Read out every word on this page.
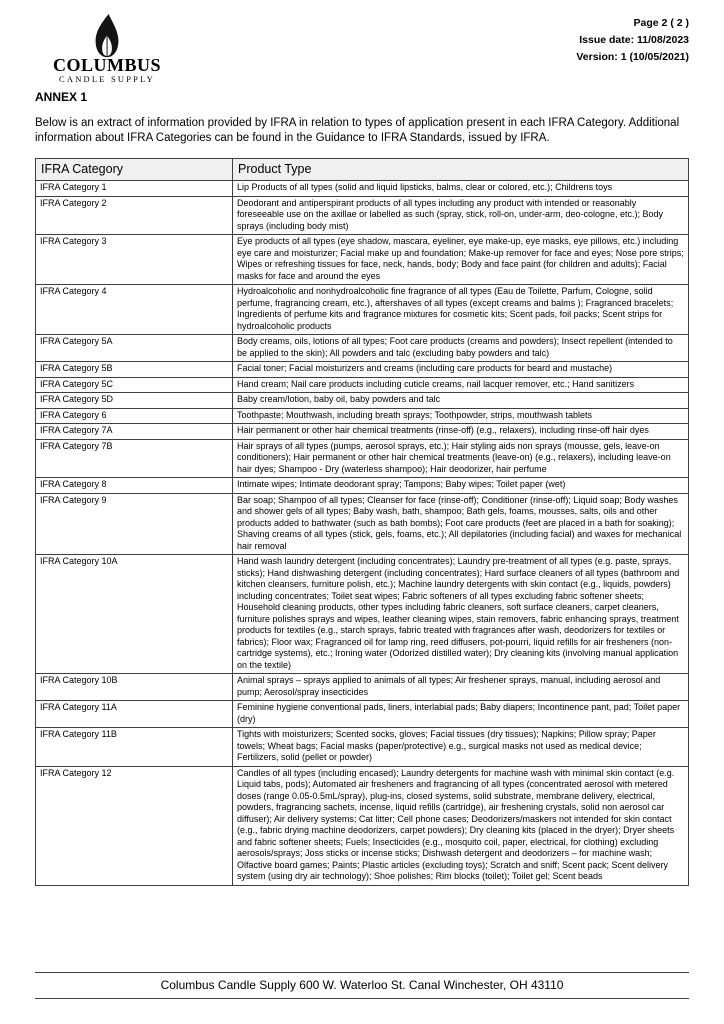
COLUMBUS
CANDLE SUPPLY
Page 2 ( 2 )
Issue date: 11/08/2023
Version: 1 (10/05/2021)
ANNEX 1
Below is an extract of information provided by IFRA in relation to types of application present in each IFRA Category. Additional information about IFRA Categories can be found in the Guidance to IFRA Standards, issued by IFRA.
IFRA Category	Product Type
IFRA Category 1	Lip Products of all types (solid and liquid lipsticks, balms, clear or colored, etc.); Childrens toys
IFRA Category 2	Deodorant and antiperspirant products of all types including any product with intended or reasonably foreseeable use on the axillae or labelled as such (spray, stick, roll-on, under-arm, deo-cologne, etc.); Body sprays (including body mist)
IFRA Category 3	Eye products of all types (eye shadow, mascara, eyeliner, eye make-up, eye masks, eye pillows, etc.) including eye care and moisturizer; Facial make up and foundation; Make-up remover for face and eyes; Nose pore strips; Wipes or refreshing tissues for face, neck, hands, body; Body and face paint (for children and adults); Facial masks for face and around the eyes
IFRA Category 4	Hydroalcoholic and nonhydroalcoholic fine fragrance of all types (Eau de Toilette, Parfum, Cologne, solid perfume, fragrancing cream, etc.), aftershaves of all types (except creams and balms ); Fragranced bracelets; Ingredients of perfume kits and fragrance mixtures for cosmetic kits; Scent pads, foil packs; Scent strips for hydroalcoholic products
IFRA Category 5A	Body creams, oils, lotions of all types; Foot care products (creams and powders); Insect repellent (intended to be applied to the skin); All powders and talc (excluding baby powders and talc)
IFRA Category 5B	Facial toner; Facial moisturizers and creams (including care products for beard and mustache)
IFRA Category 5C	Hand cream; Nail care products including cuticle creams, nail lacquer remover, etc.; Hand sanitizers
IFRA Category 5D	Baby cream/lotion, baby oil, baby powders and talc
IFRA Category 6	Toothpaste; Mouthwash, including breath sprays; Toothpowder, strips, mouthwash tablets
IFRA Category 7A	Hair permanent or other hair chemical treatments (rinse-off) (e.g., relaxers), including rinse-off hair dyes
IFRA Category 7B	Hair sprays of all types (pumps, aerosol sprays, etc.); Hair styling aids non sprays (mousse, gels, leave-on conditioners); Hair permanent or other hair chemical treatments (leave-on) (e.g., relaxers), including leave-on hair dyes; Shampoo - Dry (waterless shampoo); Hair deodorizer, hair perfume
IFRA Category 8	Intimate wipes; Intimate deodorant spray; Tampons; Baby wipes; Toilet paper (wet)
IFRA Category 9	Bar soap; Shampoo of all types; Cleanser for face (rinse-off); Conditioner (rinse-off); Liquid soap; Body washes and shower gels of all types; Baby wash, bath, shampoo; Bath gels, foams, mousses, salts, oils and other products added to bathwater (such as bath bombs); Foot care products (feet are placed in a bath for soaking); Shaving creams of all types (stick, gels, foams, etc.); All depilatories (including facial) and waxes for mechanical hair removal
IFRA Category 10A	Hand wash laundry detergent (including concentrates); Laundry pre-treatment of all types (e.g. paste, sprays, sticks); Hand dishwashing detergent (including concentrates); Hard surface cleaners of all types (bathroom and kitchen cleansers, furniture polish, etc.); Machine laundry detergents with skin contact (e.g., liquids, powders) including concentrates; Toilet seat wipes; Fabric softeners of all types excluding fabric softener sheets; Household cleaning products, other types including fabric cleaners, soft surface cleaners, carpet cleaners, furniture polishes sprays and wipes, leather cleaning wipes, stain removers, fabric enhancing sprays, treatment products for textiles (e.g., starch sprays, fabric treated with fragrances after wash, deodorizers for textiles or fabrics); Floor wax; Fragranced oil for lamp ring, reed diffusers, pot-pourri, liquid refills for air fresheners (non-cartridge systems), etc.; Ironing water (Odorized distilled water); Dry cleaning kits (involving manual application on the textile)
IFRA Category 10B	Animal sprays – sprays applied to animals of all types; Air freshener sprays, manual, including aerosol and pump; Aerosol/spray insecticides
IFRA Category 11A	Feminine hygiene conventional pads, liners, interlabial pads; Baby diapers; Incontinence pant, pad; Toilet paper (dry)
IFRA Category 11B	Tights with moisturizers; Scented socks, gloves; Facial tissues (dry tissues); Napkins; Pillow spray; Paper towels; Wheat bags; Facial masks (paper/protective) e.g., surgical masks not used as medical device; Fertilizers, solid (pellet or powder)
IFRA Category 12	Candles of all types (including encased); Laundry detergents for machine wash with minimal skin contact (e.g. Liquid tabs, pods); Automated air fresheners and fragrancing of all types (concentrated aerosol with metered doses (range 0.05-0.5mL/spray), plug-ins, closed systems, solid substrate, membrane delivery, electrical, powders, fragrancing sachets, incense, liquid refills (cartridge), air freshening crystals, solid non aerosol car diffuser); Air delivery systems; Cat litter; Cell phone cases; Deodorizers/maskers not intended for skin contact (e.g., fabric drying machine deodorizers, carpet powders); Dry cleaning kits (placed in the dryer); Dryer sheets and fabric softener sheets; Fuels; Insecticides (e.g., mosquito coil, paper, electrical, for clothing) excluding aerosols/sprays; Joss sticks or incense sticks; Dishwash detergent and deodorizers – for machine wash; Olfactive board games; Paints; Plastic articles (excluding toys); Scratch and sniff; Scent pack; Scent delivery system (using dry air technology); Shoe polishes; Rim blocks (toilet); Toilet gel; Scent beads
Columbus Candle Supply 600 W. Waterloo St. Canal Winchester, OH 43110
